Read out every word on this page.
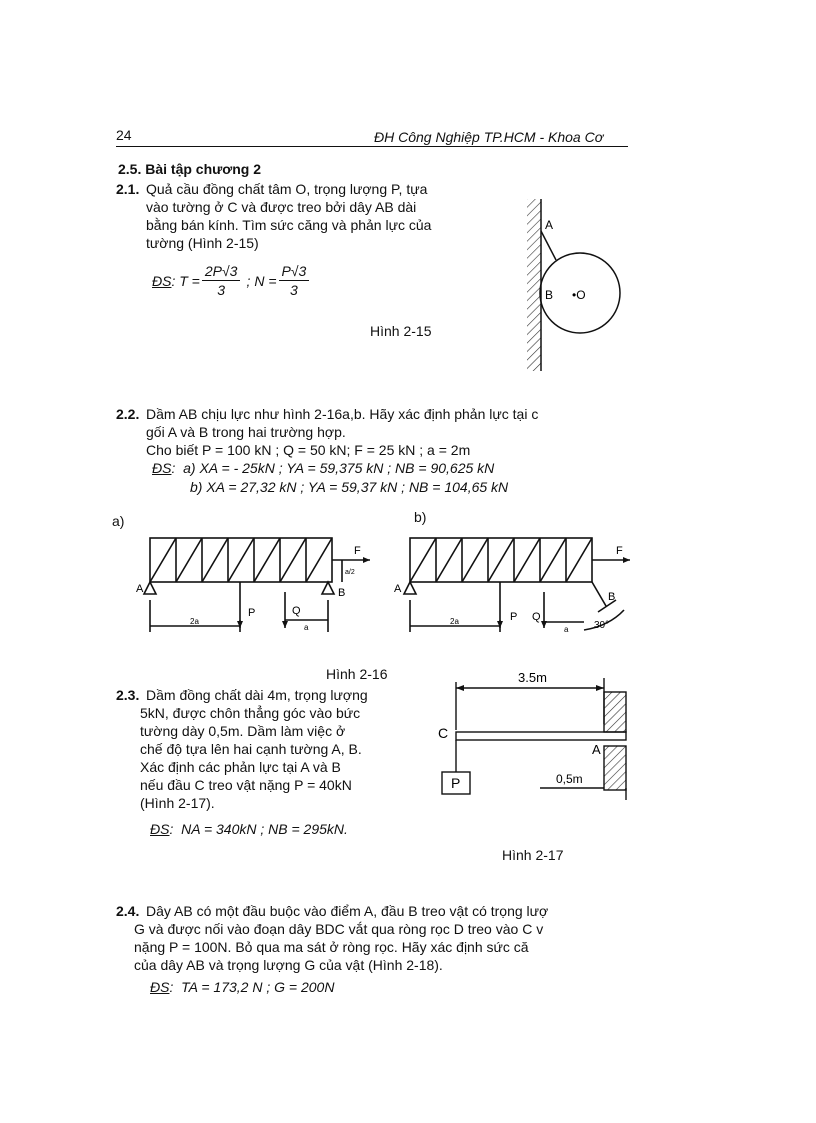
24	ĐH Công Nghiệp TP.HCM - Khoa Cơ
2.5. Bài tập chương 2
2.1. Quả cầu đồng chất tâm O, trọng lượng P, tựa
vào tường ở C và được treo bởi dây AB dài
bằng bán kính. Tìm sức căng và phản lực của
tường (Hình 2-15)
ĐS : $T = \frac{2P√3}{3}$ ; $N = \frac{P√3}{3}$
Hình 2-15
A
B •O
2.2. Dầm AB chịu lực như hình 2-16a,b. Hãy xác định phản lực tại c
gối A và B trong hai trường hợp.
Cho biết P = 100 kN ; Q = 50 kN; F = 25 kN ; a = 2m
ĐS:  a) XA = - 25kN ; YA = 59,375 kN ; NB = 90,625 kN
b) XA = 27,32 kN ; YA = 59,37 kN ; NB = 104,65 kN
a)	b)
A	B
P	Q
F
2a
a
a/2
A
B
P Q
F
2a
a	30°
Hình 2-16
2.3. Dầm đồng chất dài 4m, trọng lượng
5kN, được chôn thẳng góc vào bức
tường dày 0,5m. Dầm làm việc ở
chế độ tựa lên hai cạnh tường A, B.
Xác định các phản lực tại A và B
nếu đầu C treo vật nặng P = 40kN
(Hình 2-17).
ĐS:  NA = 340kN ; NB = 295kN.
3.5m
C
A
P	0,5m
Hình 2-17
2.4. Dây AB có một đầu buộc vào điểm A, đầu B treo vật có trọng lượ
G và được nối vào đoạn dây BDC vắt qua ròng rọc D treo vào C v
nặng P = 100N. Bỏ qua ma sát ở ròng rọc. Hãy xác định sức că
của dây AB và trọng lượng G của vật (Hình 2-18).
ĐS:  TA = 173,2 N ; G = 200N
